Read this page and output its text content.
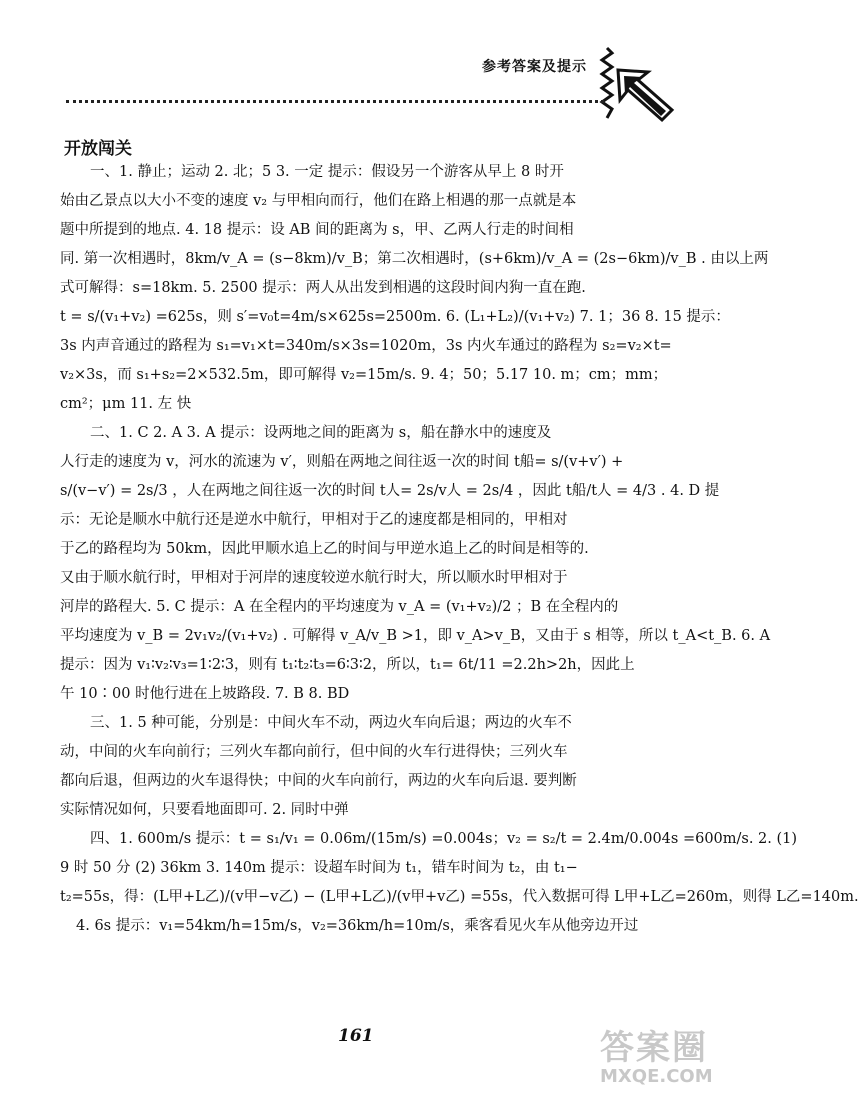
参考答案及提示
开放闯关
一、1. 静止；运动 2. 北；5 3. 一定 提示：假设另一个游客从早上 8 时开
始由乙景点以大小不变的速度 v₂ 与甲相向而行，他们在路上相遇的那一点就是本
题中所提到的地点. 4. 18 提示：设 AB 间的距离为 s，甲、乙两人行走的时间相
同. 第一次相遇时，8km/v_A = (s−8km)/v_B；第二次相遇时，(s+6km)/v_A = (2s−6km)/v_B . 由以上两
式可解得：s=18km. 5. 2500 提示：两人从出发到相遇的这段时间内狗一直在跑.
t = s/(v₁+v₂) =625s，则 s′=v₀t=4m/s×625s=2500m. 6. (L₁+L₂)/(v₁+v₂) 7. 1；36 8. 15 提示：
3s 内声音通过的路程为 s₁=v₁×t=340m/s×3s=1020m，3s 内火车通过的路程为 s₂=v₂×t=
v₂×3s，而 s₁+s₂=2×532.5m，即可解得 v₂=15m/s. 9. 4；50；5.17 10. m；cm；mm；
cm²；μm 11. 左 快
二、1. C 2. A 3. A 提示：设两地之间的距离为 s，船在静水中的速度及
人行走的速度为 v，河水的流速为 v′，则船在两地之间往返一次的时间 t船= s/(v+v′) +
s/(v−v′) = 2s/3 ，人在两地之间往返一次的时间 t人= 2s/v人 = 2s/4 ，因此 t船/t人 = 4/3 . 4. D 提
示：无论是顺水中航行还是逆水中航行，甲相对于乙的速度都是相同的，甲相对
于乙的路程均为 50km，因此甲顺水追上乙的时间与甲逆水追上乙的时间是相等的.
又由于顺水航行时，甲相对于河岸的速度较逆水航行时大，所以顺水时甲相对于
河岸的路程大. 5. C 提示：A 在全程内的平均速度为 v_A = (v₁+v₂)/2 ；B 在全程内的
平均速度为 v_B = 2v₁v₂/(v₁+v₂) . 可解得 v_A/v_B >1，即 v_A>v_B，又由于 s 相等，所以 t_A<t_B. 6. A
提示：因为 v₁∶v₂∶v₃=1∶2∶3，则有 t₁∶t₂∶t₃=6∶3∶2，所以，t₁= 6t/11 =2.2h>2h，因此上
午 10∶00 时他行进在上坡路段. 7. B 8. BD
三、1. 5 种可能，分别是：中间火车不动，两边火车向后退；两边的火车不
动，中间的火车向前行；三列火车都向前行，但中间的火车行进得快；三列火车
都向后退，但两边的火车退得快；中间的火车向前行，两边的火车向后退. 要判断
实际情况如何，只要看地面即可. 2. 同时中弹
四、1. 600m/s 提示：t = s₁/v₁ = 0.06m/(15m/s) =0.004s；v₂ = s₂/t = 2.4m/0.004s =600m/s. 2. (1)
9 时 50 分 (2) 36km 3. 140m 提示：设超车时间为 t₁，错车时间为 t₂，由 t₁−
t₂=55s，得：(L甲+L乙)/(v甲−v乙) − (L甲+L乙)/(v甲+v乙) =55s，代入数据可得 L甲+L乙=260m，则得 L乙=140m.
4. 6s 提示：v₁=54km/h=15m/s，v₂=36km/h=10m/s，乘客看见火车从他旁边开过
161	答案圈
MXQE.COM
